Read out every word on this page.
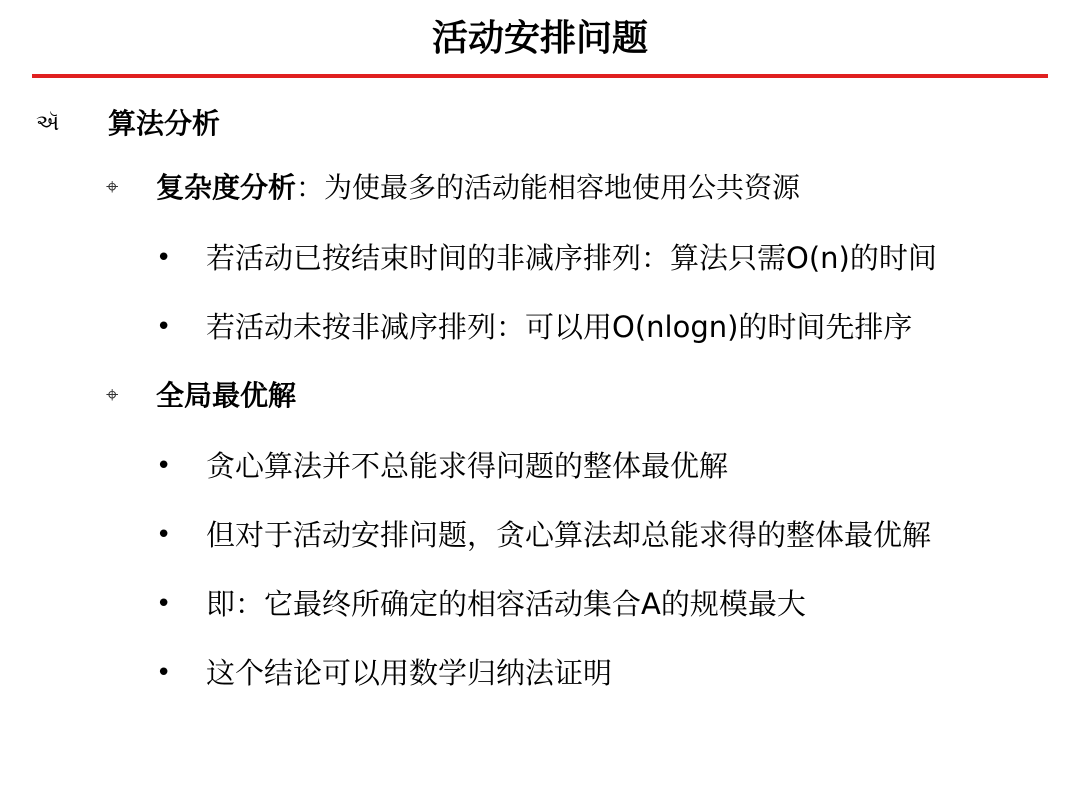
活动安排问题
ઍ	算法分析
⌖	复杂度分析：为使最多的活动能相容地使用公共资源
•	若活动已按结束时间的非减序排列：算法只需O(n)的时间
•	若活动未按非减序排列：可以用O(nlogn)的时间先排序
⌖	全局最优解
•	贪心算法并不总能求得问题的整体最优解
•	但对于活动安排问题，贪心算法却总能求得的整体最优解
•	即：它最终所确定的相容活动集合A的规模最大
•	这个结论可以用数学归纳法证明
